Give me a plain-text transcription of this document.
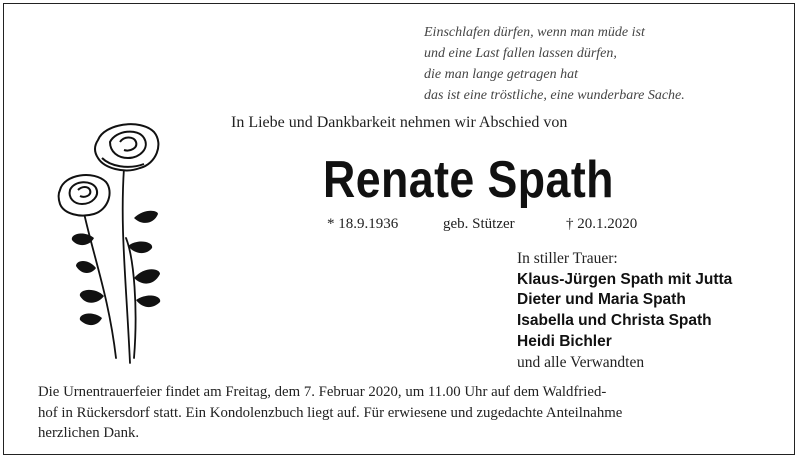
Einschlafen dürfen, wenn man müde ist
und eine Last fallen lassen dürfen,
die man lange getragen hat
das ist eine tröstliche, eine wunderbare Sache.
In Liebe und Dankbarkeit nehmen wir Abschied von
Renate Spath
* 18.9.1936	geb. Stützer	† 20.1.2020
In stiller Trauer:
Klaus-Jürgen Spath mit Jutta
Dieter und Maria Spath
Isabella und Christa Spath
Heidi Bichler
und alle Verwandten
Die Urnentrauerfeier findet am Freitag, dem 7. Februar 2020, um 11.00 Uhr auf dem Waldfried-
hof in Rückersdorf statt. Ein Kondolenzbuch liegt auf. Für erwiesene und zugedachte Anteilnahme
herzlichen Dank.
